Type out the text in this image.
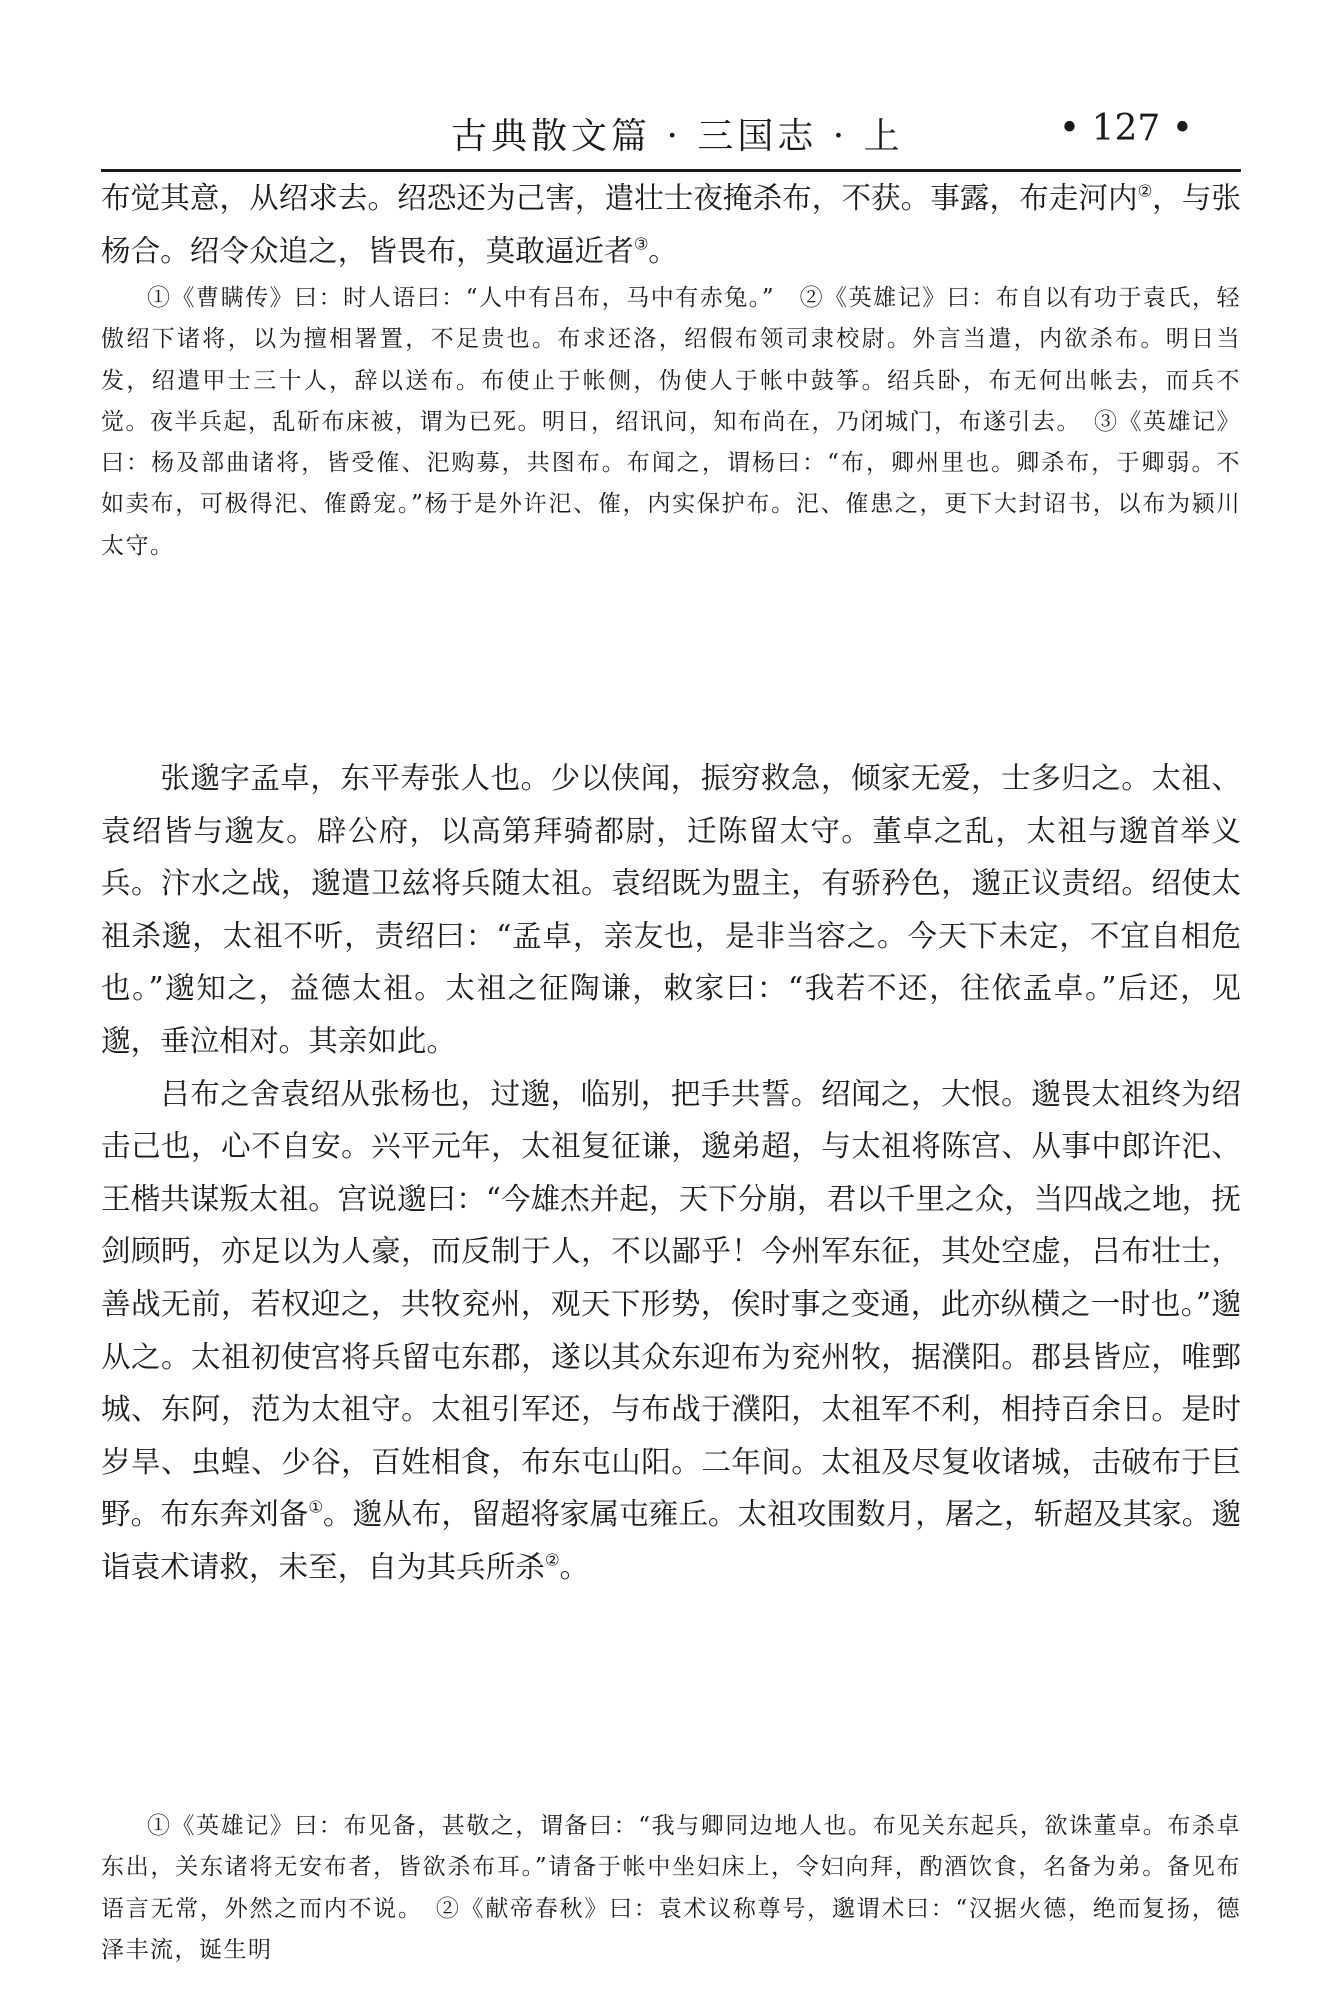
古典散文篇 · 三国志 · 上	• 127 •

布觉其意，从绍求去。绍恐还为己害，遣壮士夜掩杀布，不获。事露，布走河内②，与张杨合。绍令众追之，皆畏布，莫敢逼近者③。

①《曹瞒传》曰：时人语曰：“人中有吕布，马中有赤兔。”　②《英雄记》曰：布自以有功于袁氏，轻傲绍下诸将，以为擅相署置，不足贵也。布求还洛，绍假布领司隶校尉。外言当遣，内欲杀布。明日当发，绍遣甲士三十人，辞以送布。布使止于帐侧，伪使人于帐中鼓筝。绍兵卧，布无何出帐去，而兵不觉。夜半兵起，乱斫布床被，谓为已死。明日，绍讯问，知布尚在，乃闭城门，布遂引去。　③《英雄记》曰：杨及部曲诸将，皆受傕、汜购募，共图布。布闻之，谓杨曰：“布，卿州里也。卿杀布，于卿弱。不如卖布，可极得汜、傕爵宠。”杨于是外许汜、傕，内实保护布。汜、傕患之，更下大封诏书，以布为颍川太守。

张邈字孟卓，东平寿张人也。少以侠闻，振穷救急，倾家无爱，士多归之。太祖、袁绍皆与邈友。辟公府，以高第拜骑都尉，迁陈留太守。董卓之乱，太祖与邈首举义兵。汴水之战，邈遣卫兹将兵随太祖。袁绍既为盟主，有骄矜色，邈正议责绍。绍使太祖杀邈，太祖不听，责绍曰：“孟卓，亲友也，是非当容之。今天下未定，不宜自相危也。”邈知之，益德太祖。太祖之征陶谦，敕家曰：“我若不还，往依孟卓。”后还，见邈，垂泣相对。其亲如此。

吕布之舍袁绍从张杨也，过邈，临别，把手共誓。绍闻之，大恨。邈畏太祖终为绍击己也，心不自安。兴平元年，太祖复征谦，邈弟超，与太祖将陈宫、从事中郎许汜、王楷共谋叛太祖。宫说邈曰：“今雄杰并起，天下分崩，君以千里之众，当四战之地，抚剑顾眄，亦足以为人豪，而反制于人，不以鄙乎！今州军东征，其处空虚，吕布壮士，善战无前，若权迎之，共牧兖州，观天下形势，俟时事之变通，此亦纵横之一时也。”邈从之。太祖初使宫将兵留屯东郡，遂以其众东迎布为兖州牧，据濮阳。郡县皆应，唯鄄城、东阿，范为太祖守。太祖引军还，与布战于濮阳，太祖军不利，相持百余日。是时岁旱、虫蝗、少谷，百姓相食，布东屯山阳。二年间。太祖及尽复收诸城，击破布于巨野。布东奔刘备①。邈从布，留超将家属屯雍丘。太祖攻围数月，屠之，斩超及其家。邈诣袁术请救，未至，自为其兵所杀②。

①《英雄记》曰：布见备，甚敬之，谓备曰：“我与卿同边地人也。布见关东起兵，欲诛董卓。布杀卓东出，关东诸将无安布者，皆欲杀布耳。”请备于帐中坐妇床上，令妇向拜，酌酒饮食，名备为弟。备见布语言无常，外然之而内不说。　②《献帝春秋》曰：袁术议称尊号，邈谓术曰：“汉据火德，绝而复扬，德泽丰流，诞生明
